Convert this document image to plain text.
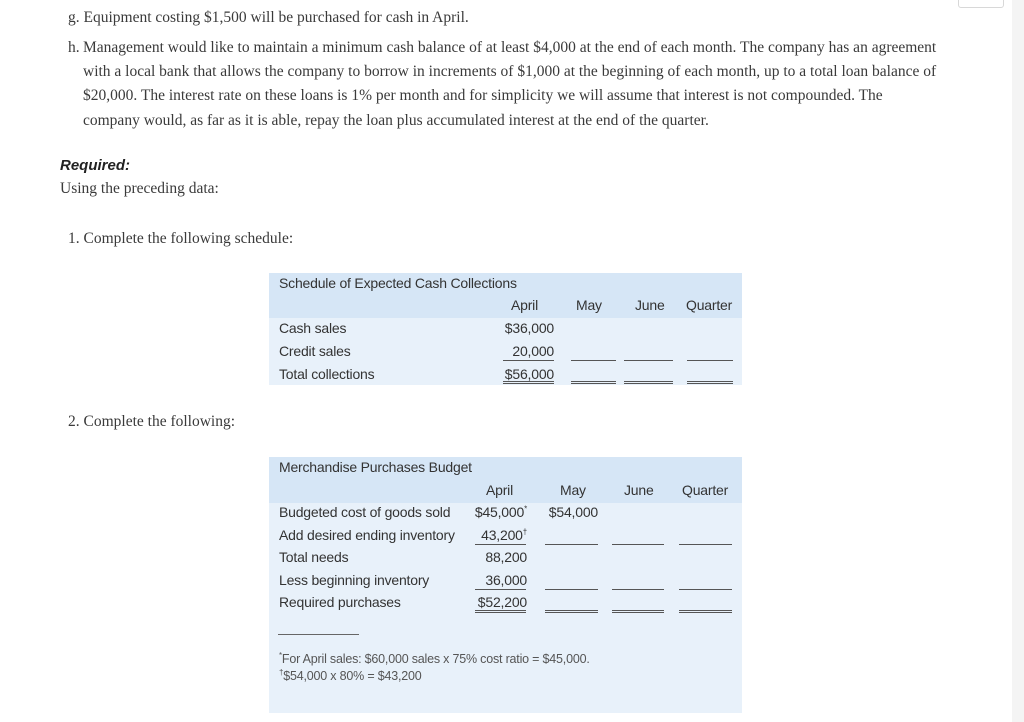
g. Equipment costing $1,500 will be purchased for cash in April.
h. Management would like to maintain a minimum cash balance of at least $4,000 at the end of each month. The company has an agreement with a local bank that allows the company to borrow in increments of $1,000 at the beginning of each month, up to a total loan balance of $20,000. The interest rate on these loans is 1% per month and for simplicity we will assume that interest is not compounded. The company would, as far as it is able, repay the loan plus accumulated interest at the end of the quarter.
Required:
Using the preceding data:
1. Complete the following schedule:
Schedule of Expected Cash Collections
April	May June Quarter
Cash sales	$36,000
Credit sales	20,000
Total collections	$56,000
2. Complete the following:
Merchandise Purchases Budget
April	May	June Quarter
Budgeted cost of goods sold	$45,000*	$54,000
Add desired ending inventory	43,200†
Total needs	88,200
Less beginning inventory	36,000
Required purchases	$52,200
*For April sales: $60,000 sales x 75% cost ratio = $45,000.
†$54,000 x 80% = $43,200
